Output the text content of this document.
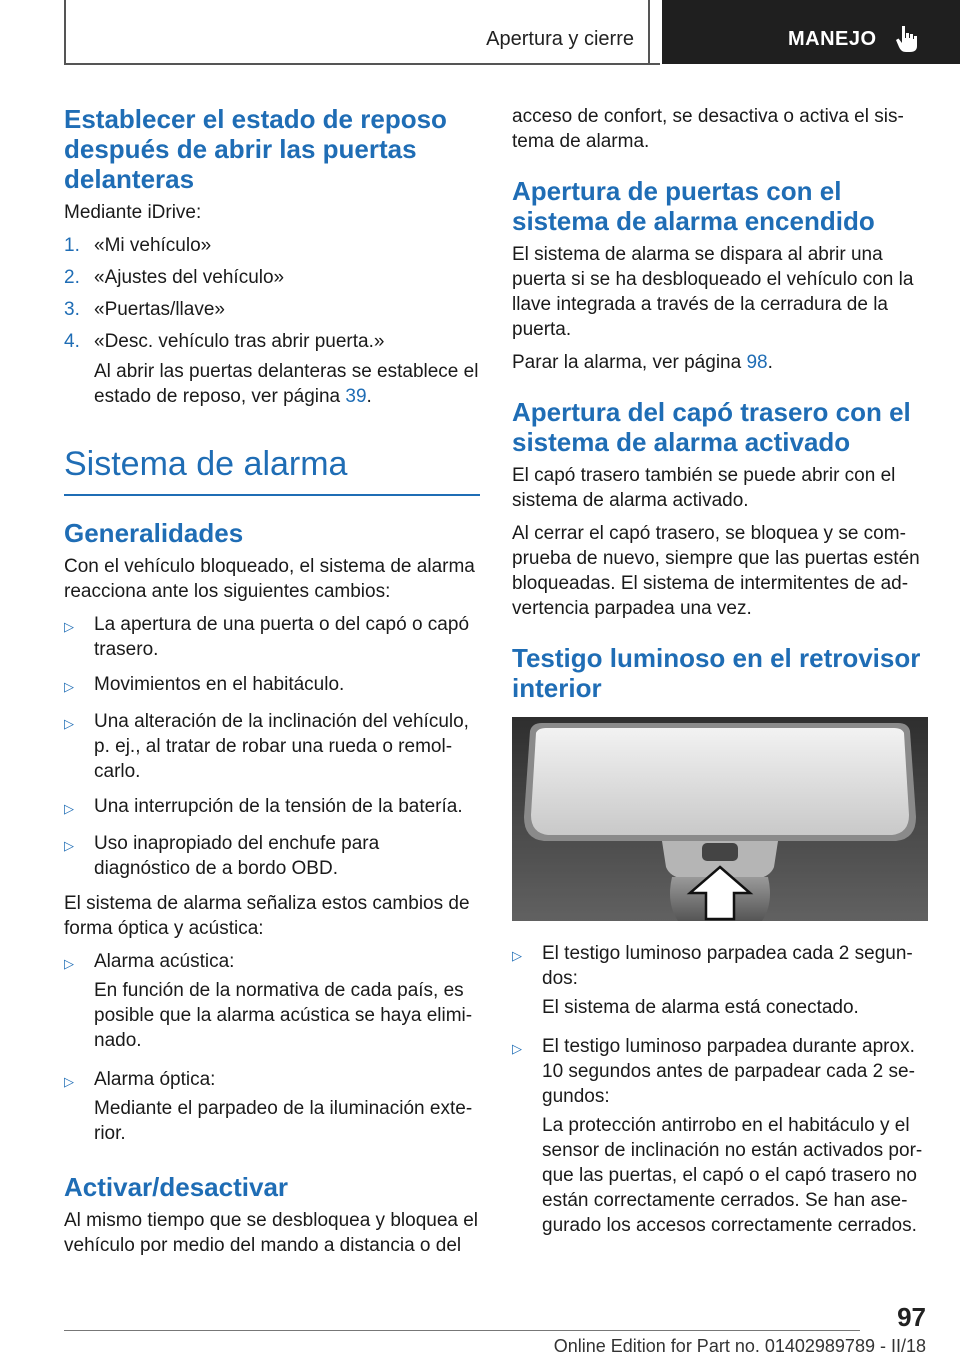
Apertura y cierre	MANEJO
Establecer el estado de reposo después de abrir las puertas delanteras

Mediante iDrive:

1. «Mi vehículo»
2. «Ajustes del vehículo»
3. «Puertas/llave»
4. «Desc. vehículo tras abrir puerta.»

Al abrir las puertas delanteras se establece el estado de reposo, ver página 39.

Sistema de alarma
Generalidades

Con el vehículo bloqueado, el sistema de alarma reacciona ante los siguientes cambios:

▷	La apertura de una puerta o del capó o capó trasero.
▷	Movimientos en el habitáculo.
▷	Una alteración de la inclinación del vehículo, p. ej., al tratar de robar una rueda o remolcarlo.
▷	Una interrupción de la tensión de la batería.
▷	Uso inapropiado del enchufe para diagnóstico de a bordo OBD.

El sistema de alarma señaliza estos cambios de forma óptica y acústica:

▷	Alarma acústica:

En función de la normativa de cada país, es posible que la alarma acústica se haya eliminado.

▷	Alarma óptica:

Mediante el parpadeo de la iluminación exterior.

Activar/desactivar

Al mismo tiempo que se desbloquea y bloquea el vehículo por medio del mando a distancia o del

acceso de confort, se desactiva o activa el sistema de alarma.

Apertura de puertas con el sistema de alarma encendido

El sistema de alarma se dispara al abrir una puerta si se ha desbloqueado el vehículo con la llave integrada a través de la cerradura de la puerta.

Parar la alarma, ver página 98.

Apertura del capó trasero con el sistema de alarma activado

El capó trasero también se puede abrir con el sistema de alarma activado.

Al cerrar el capó trasero, se bloquea y se comprueba de nuevo, siempre que las puertas estén bloqueadas. El sistema de intermitentes de advertencia parpadea una vez.

Testigo luminoso en el retrovisor interior
▷	El testigo luminoso parpadea cada 2 segundos:

El sistema de alarma está conectado.

▷	El testigo luminoso parpadea durante aprox. 10 segundos antes de parpadear cada 2 segundos:

La protección antirrobo en el habitáculo y el sensor de inclinación no están activados porque las puertas, el capó o el capó trasero no están correctamente cerrados. Se han asegurado los accesos correctamente cerrados.

97
Online Edition for Part no. 01402989789 - II/18
